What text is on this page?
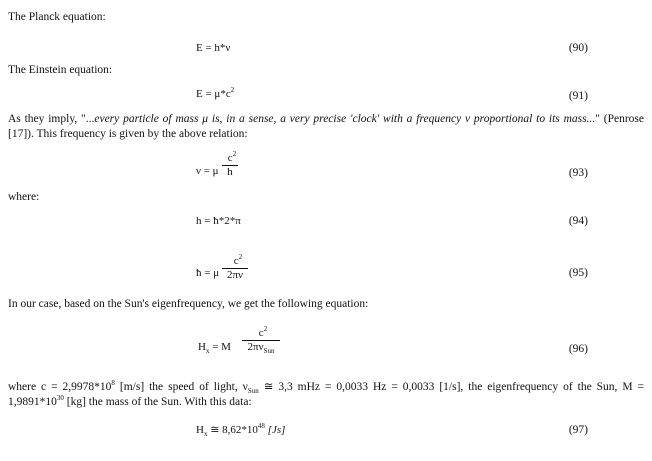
The Planck equation:
E = h*ν	(90)
The Einstein equation:
$E = \mu*c^2$	(91)
As they imply, "...every particle of mass μ is, in a sense, a very precise 'clock' with a frequency ν proportional to its mass..." (Penrose [17]). This frequency is given by the above relation:
ν = μ
$c^2$
h	(93)
where:
h = ħ*2*π	(94)
ħ = μ
$c^2$
2πν	(95)
In our case, based on the Sun's eigenfrequency, we get the following equation:
$H_x = M$
$c^2$
$2\pi\nu_{Sun}$	(96)
where $c = 2,9978*10^8$ [m/s] the speed of light, $\nu_{Sun}$ ≅ 3,3 mHz = 0,0033 Hz = 0,0033 [1/s], the eigenfrequency of the Sun, $M = 1,9891*10^{30}$ [kg] the mass of the Sun. With this data:
$H_x$ ≅ $8,62*10^{48}$ [Js]	(97)
